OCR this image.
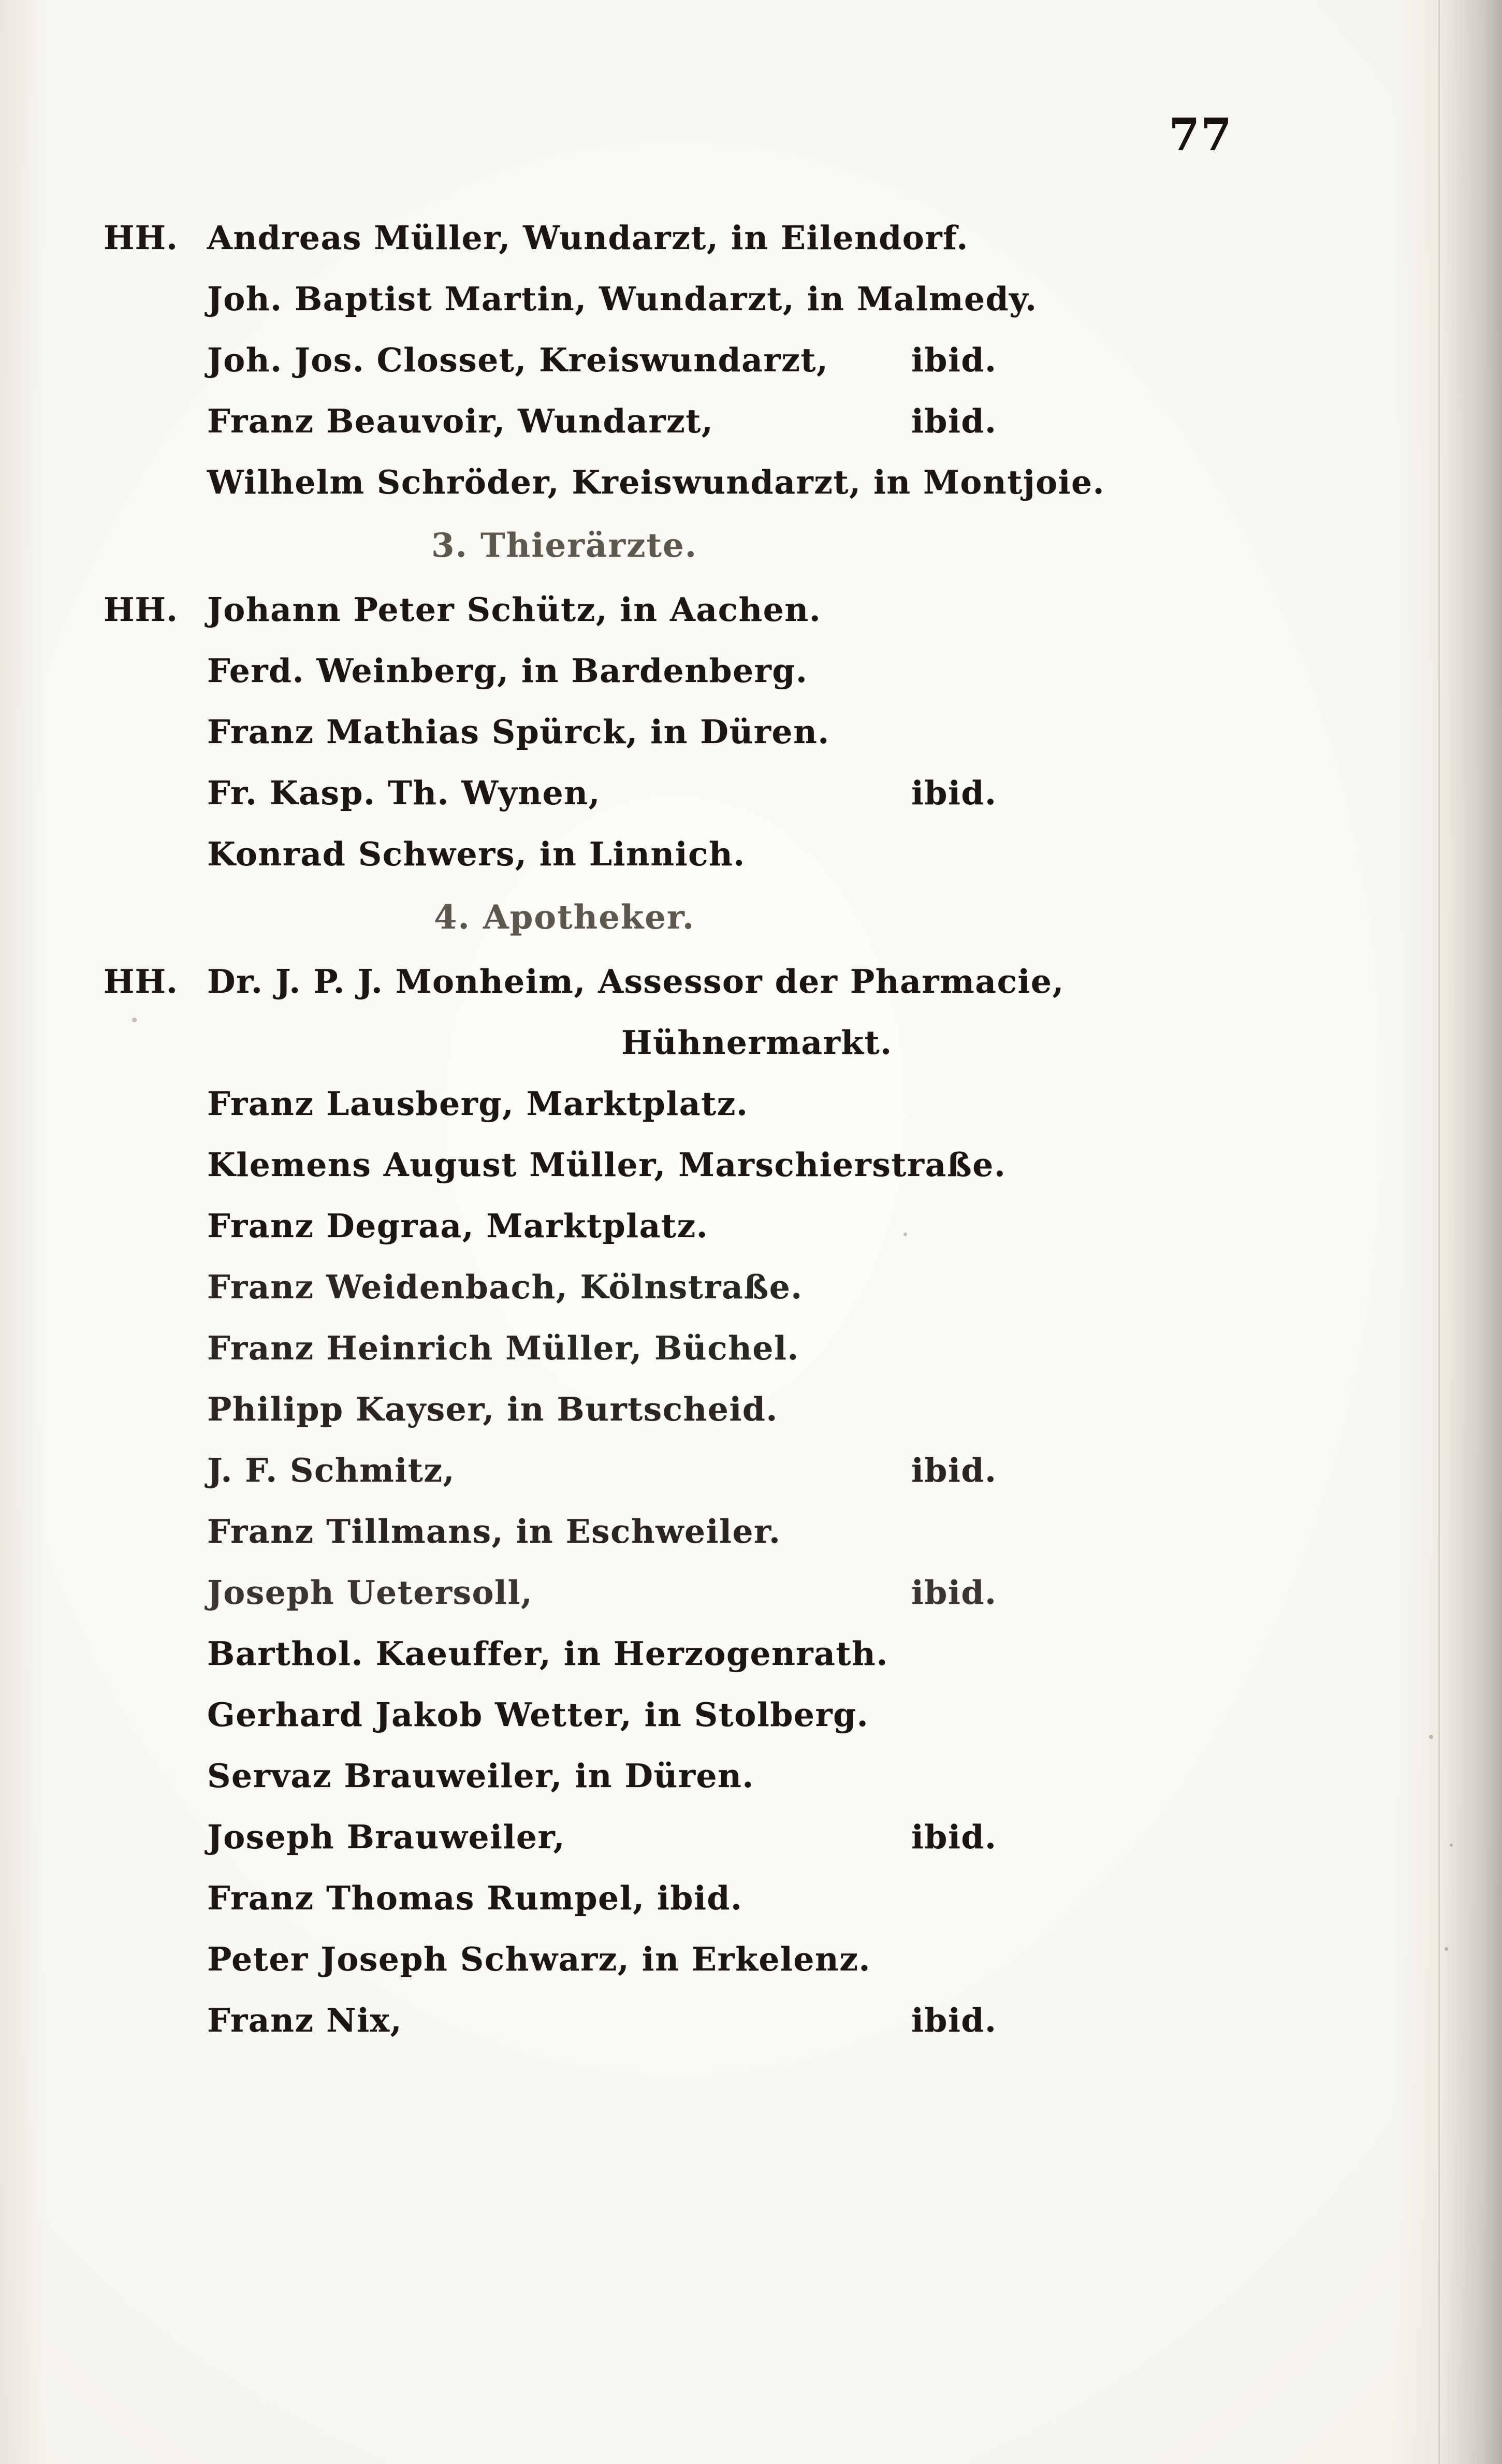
77
HH. Andreas Müller, Wundarzt, in Eilendorf.
Joh. Baptist Martin, Wundarzt, in Malmedy.
Joh. Jos. Closset, Kreiswundarzt,	ibid.
Franz Beauvoir, Wundarzt,	ibid.
Wilhelm Schröder, Kreiswundarzt, in Montjoie.
3. Thierärzte.
HH. Johann Peter Schütz, in Aachen.
Ferd. Weinberg, in Bardenberg.
Franz Mathias Spürck, in Düren.
Fr. Kasp. Th. Wynen,	ibid.
Konrad Schwers, in Linnich.
4. Apotheker.
HH. Dr. J. P. J. Monheim, Assessor der Pharmacie,
Hühnermarkt.
Franz Lausberg, Marktplatz.
Klemens August Müller, Marschierstraße.
Franz Degraa, Marktplatz.
Franz Weidenbach, Kölnstraße.
Franz Heinrich Müller, Büchel.
Philipp Kayser, in Burtscheid.
J. F. Schmitz,	ibid.
Franz Tillmans, in Eschweiler.
Joseph Uetersoll,	ibid.
Barthol. Kaeuffer, in Herzogenrath.
Gerhard Jakob Wetter, in Stolberg.
Servaz Brauweiler, in Düren.
Joseph Brauweiler,	ibid.
Franz Thomas Rumpel, ibid.
Peter Joseph Schwarz, in Erkelenz.
Franz Nix,	ibid.
